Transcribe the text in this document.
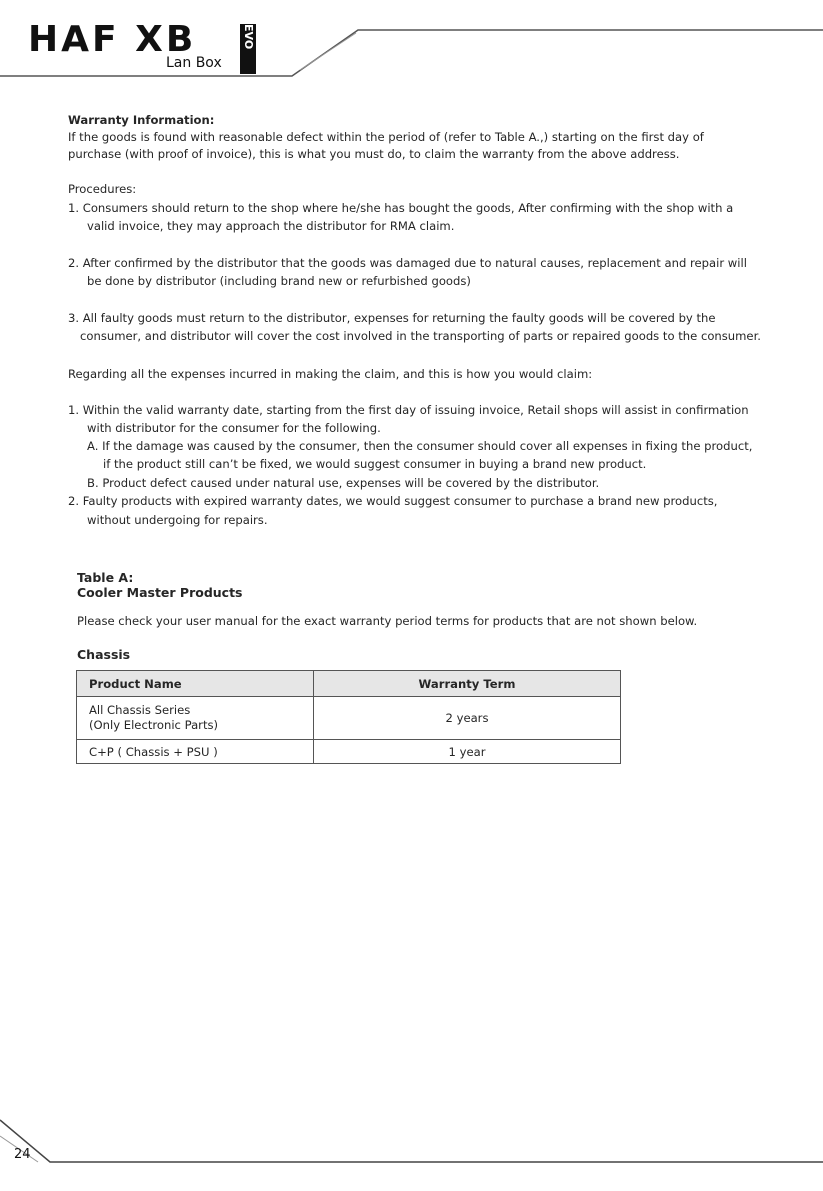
HAF XB	EVO
Lan Box
Warranty Information:
If the goods is found with reasonable defect within the period of (refer to Table A.,) starting on the first day of
purchase (with proof of invoice), this is what you must do, to claim the warranty from the above address.
Procedures:
1. Consumers should return to the shop where he/she has bought the goods, After confirming with the shop with a
valid invoice, they may approach the distributor for RMA claim.
2. After confirmed by the distributor that the goods was damaged due to natural causes, replacement and repair will
be done by distributor (including brand new or refurbished goods)
3. All faulty goods must return to the distributor, expenses for returning the faulty goods will be covered by the
consumer, and distributor will cover the cost involved in the transporting of parts or repaired goods to the consumer.
Regarding all the expenses incurred in making the claim, and this is how you would claim:
1. Within the valid warranty date, starting from the first day of issuing invoice, Retail shops will assist in confirmation
with distributor for the consumer for the following.
A. If the damage was caused by the consumer, then the consumer should cover all expenses in fixing the product,
if the product still can’t be fixed, we would suggest consumer in buying a brand new product.
B. Product defect caused under natural use, expenses will be covered by the distributor.
2. Faulty products with expired warranty dates, we would suggest consumer to purchase a brand new products,
without undergoing for repairs.
Table A:
Cooler Master Products
Please check your user manual for the exact warranty period terms for products that are not shown below.
Chassis
Product Name	Warranty Term

All Chassis Series
(Only Electronic Parts)	2 years
C+P ( Chassis + PSU )	1 year
24
